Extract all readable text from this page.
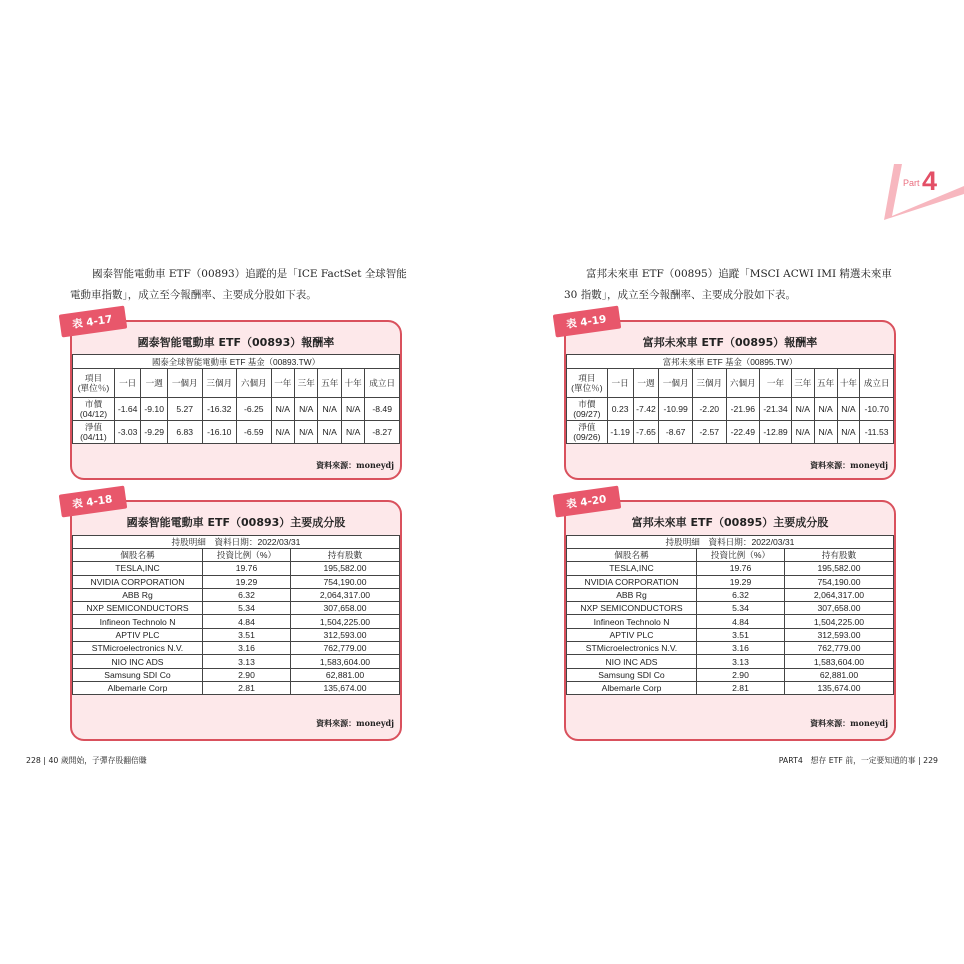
Part 4

國泰智能電動車 ETF（00893）追蹤的是「ICE FactSet 全球智能

電動車指數」，成立至今報酬率、主要成分股如下表。

表 4-17
國泰智能電動車 ETF（00893）報酬率
國泰全球智能電動車 ETF 基金（00893.TW）										
項目
(單位％)	一日	一週	一個月	三個月	六個月	一年	三年	五年	十年	成立日
市價
(04/12)	-1.64	-9.10	5.27	-16.32	-6.25	N/A	N/A	N/A	N/A	-8.49
淨值
(04/11)	-3.03	-9.29	6.83	-16.10	-6.59	N/A	N/A	N/A	N/A	-8.27
資料來源：moneydj
表 4-18
國泰智能電動車 ETF（00893）主要成分股
持股明細　資料日期：2022/03/31		
個股名稱	投資比例（%）	持有股數
TESLA,INC	19.76	195,582.00
NVIDIA CORPORATION	19.29	754,190.00
ABB Rg	6.32	2,064,317.00
NXP SEMICONDUCTORS	5.34	307,658.00
Infineon Technolo N	4.84	1,504,225.00
APTIV PLC	3.51	312,593.00
STMicroelectronics N.V.	3.16	762,779.00
NIO INC ADS	3.13	1,583,604.00
Samsung SDI Co	2.90	62,881.00
Albemarle Corp	2.81	135,674.00
資料來源：moneydj
228 | 40 歲開始，子彈存股翻倍賺

富邦未來車 ETF（00895）追蹤「MSCI ACWI IMI 精選未來車

30 指數」，成立至今報酬率、主要成分股如下表。

表 4-19
富邦未來車 ETF（00895）報酬率
富邦未來車 ETF 基金（00895.TW）										
項目
(單位％)	一日	一週	一個月	三個月	六個月	一年	三年	五年	十年	成立日
市價
(09/27)	0.23	-7.42	-10.99	-2.20	-21.96	-21.34	N/A	N/A	N/A	-10.70
淨值
(09/26)	-1.19	-7.65	-8.67	-2.57	-22.49	-12.89	N/A	N/A	N/A	-11.53
資料來源：moneydj
表 4-20
富邦未來車 ETF（00895）主要成分股
持股明細　資料日期：2022/03/31		
個股名稱	投資比例（%）	持有股數
TESLA,INC	19.76	195,582.00
NVIDIA CORPORATION	19.29	754,190.00
ABB Rg	6.32	2,064,317.00
NXP SEMICONDUCTORS	5.34	307,658.00
Infineon Technolo N	4.84	1,504,225.00
APTIV PLC	3.51	312,593.00
STMicroelectronics N.V.	3.16	762,779.00
NIO INC ADS	3.13	1,583,604.00
Samsung SDI Co	2.90	62,881.00
Albemarle Corp	2.81	135,674.00
資料來源：moneydj
PART4　想存 ETF 前，一定要知道的事 | 229
